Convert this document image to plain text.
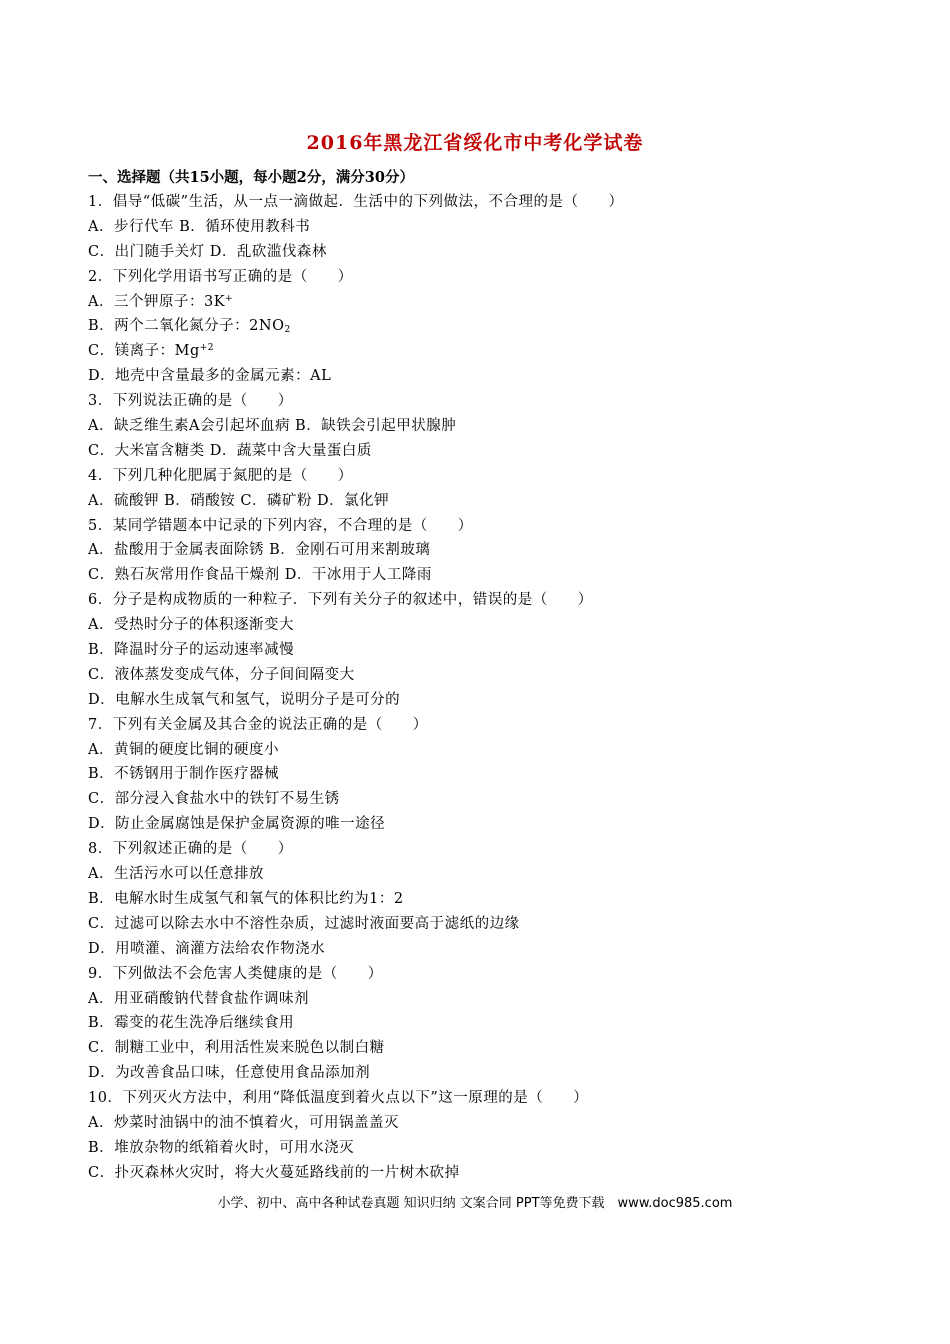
2016年黑龙江省绥化市中考化学试卷
一、选择题（共15小题，每小题2分，满分30分）
1．倡导“低碳”生活，从一点一滴做起．生活中的下列做法，不合理的是（　　）
A．步行代车 B．循环使用教科书
C．出门随手关灯 D．乱砍滥伐森林
2．下列化学用语书写正确的是（　　）
A．三个钾原子：3K+
B．两个二氧化氮分子：$2NO_2$
C．镁离子：$Mg^{+2}$
D．地壳中含量最多的金属元素：AL
3．下列说法正确的是（　　）
A．缺乏维生素A会引起坏血病 B．缺铁会引起甲状腺肿
C．大米富含糖类 D．蔬菜中含大量蛋白质
4．下列几种化肥属于氮肥的是（　　）
A．硫酸钾 B．硝酸铵 C．磷矿粉 D．氯化钾
5．某同学错题本中记录的下列内容，不合理的是（　　）
A．盐酸用于金属表面除锈 B．金刚石可用来割玻璃
C．熟石灰常用作食品干燥剂 D．干冰用于人工降雨
6．分子是构成物质的一种粒子．下列有关分子的叙述中，错误的是（　　）
A．受热时分子的体积逐渐变大
B．降温时分子的运动速率减慢
C．液体蒸发变成气体，分子间间隔变大
D．电解水生成氧气和氢气，说明分子是可分的
7．下列有关金属及其合金的说法正确的是（　　）
A．黄铜的硬度比铜的硬度小
B．不锈钢用于制作医疗器械
C．部分浸入食盐水中的铁钉不易生锈
D．防止金属腐蚀是保护金属资源的唯一途径
8．下列叙述正确的是（　　）
A．生活污水可以任意排放
B．电解水时生成氢气和氧气的体积比约为1：2
C．过滤可以除去水中不溶性杂质，过滤时液面要高于滤纸的边缘
D．用喷灌、滴灌方法给农作物浇水
9．下列做法不会危害人类健康的是（　　）
A．用亚硝酸钠代替食盐作调味剂
B．霉变的花生洗净后继续食用
C．制糖工业中，利用活性炭来脱色以制白糖
D．为改善食品口味，任意使用食品添加剂
10．下列灭火方法中，利用“降低温度到着火点以下”这一原理的是（　　）
A．炒菜时油锅中的油不慎着火，可用锅盖盖灭
B．堆放杂物的纸箱着火时，可用水浇灭
C．扑灭森林火灾时，将大火蔓延路线前的一片树木砍掉
小学、初中、高中各种试卷真题 知识归纳 文案合同 PPT等免费下载　www.doc985.com
